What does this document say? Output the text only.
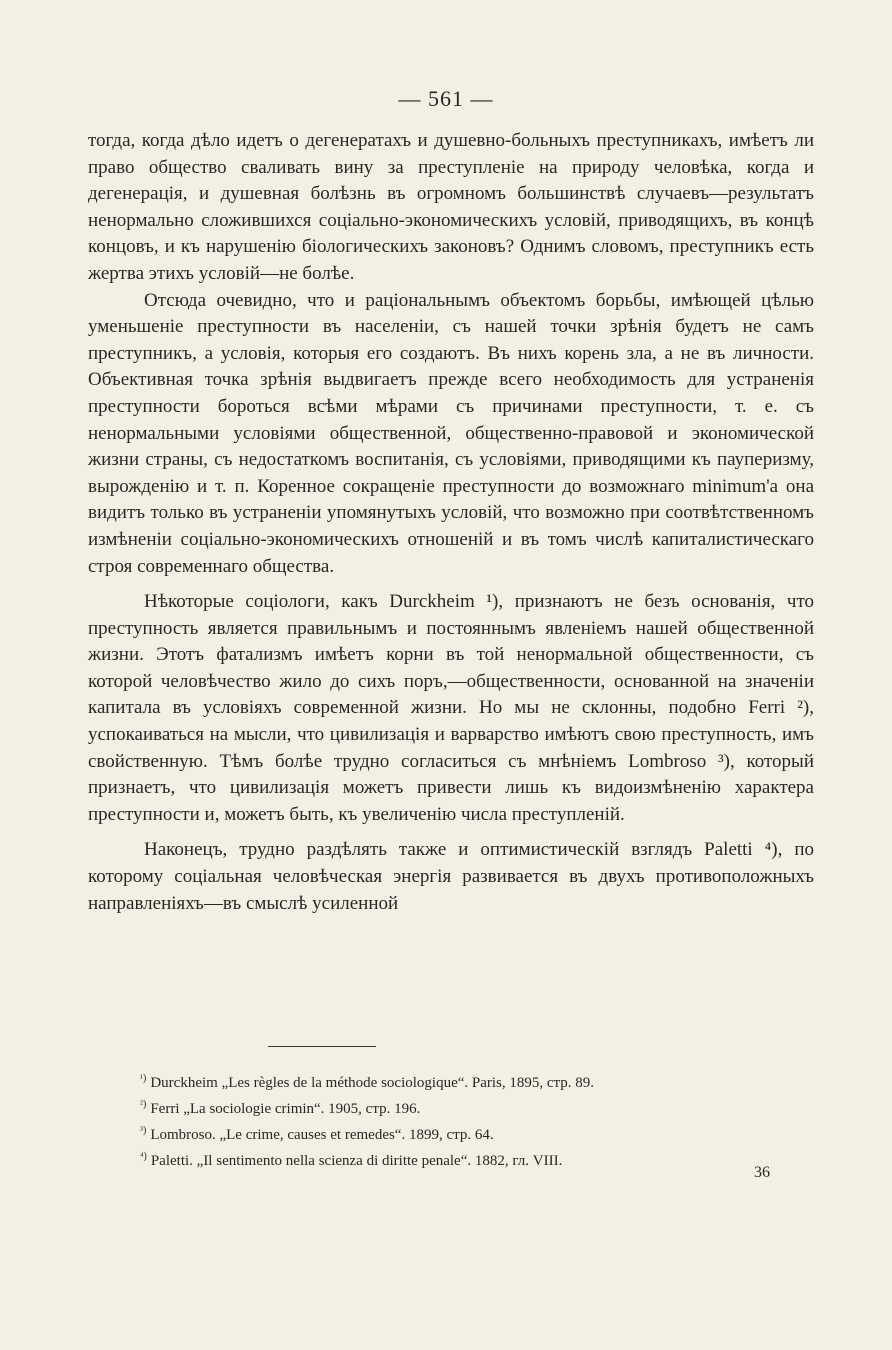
— 561 —

тогда, когда дѣло идетъ о дегенератахъ и душевно-больныхъ преступникахъ, имѣетъ ли право общество сваливать вину за преступленіе на природу человѣка, когда и дегенерація, и душевная болѣзнь въ огромномъ большинствѣ случаевъ—результатъ ненормально сложившихся соціально-экономическихъ условій, приводящихъ, въ концѣ концовъ, и къ нарушенію біологическихъ законовъ? Однимъ словомъ, преступникъ есть жертва этихъ условій—не болѣе.

Отсюда очевидно, что и раціональнымъ объектомъ борьбы, имѣющей цѣлью уменьшеніе преступности въ населеніи, съ нашей точки зрѣнія будетъ не самъ преступникъ, а условія, которыя его создаютъ. Въ нихъ корень зла, а не въ личности. Объективная точка зрѣнія выдвигаетъ прежде всего необходимость для устраненія преступности бороться всѣми мѣрами съ причинами преступности, т. е. съ ненормальными условіями общественной, общественно-правовой и экономической жизни страны, съ недостаткомъ воспитанія, съ условіями, приводящими къ пауперизму, вырожденію и т. п. Коренное сокращеніе преступности до возможнаго minimum'а она видитъ только въ устраненіи упомянутыхъ условій, что возможно при соотвѣтственномъ измѣненіи соціально-экономическихъ отношеній и въ томъ числѣ капиталистическаго строя современнаго общества.

Нѣкоторые соціологи, какъ Durckheim ¹), признаютъ не безъ основанія, что преступность является правильнымъ и постояннымъ явленіемъ нашей общественной жизни. Этотъ фатализмъ имѣетъ корни въ той ненормальной общественности, съ которой человѣчество жило до сихъ поръ,—общественности, основанной на значеніи капитала въ условіяхъ современной жизни. Но мы не склонны, подобно Ferri ²), успокаиваться на мысли, что цивилизація и варварство имѣютъ свою преступность, имъ свойственную. Тѣмъ болѣе трудно согласиться съ мнѣніемъ Lombroso ³), который признаетъ, что цивилизація можетъ привести лишь къ видоизмѣненію характера преступности и, можетъ быть, къ увеличенію числа преступленій.

Наконецъ, трудно раздѣлять также и оптимистическій взглядъ Paletti ⁴), по которому соціальная человѣческая энергія развивается въ двухъ противоположныхъ направленіяхъ—въ смыслѣ усиленной

$^{^1)}$ Durckheim „Les règles de la méthode sociologique“. Paris, 1895, стр. 89.
$^{^2)}$ Ferri „La sociologie crimin“. 1905, стр. 196.
$^{^3)}$ Lombroso. „Le crime, causes et remedes“. 1899, стр. 64.
$^{^4)}$ Paletti. „Il sentimento nella scienza di diritte penale“. 1882, гл. VIII.
36
